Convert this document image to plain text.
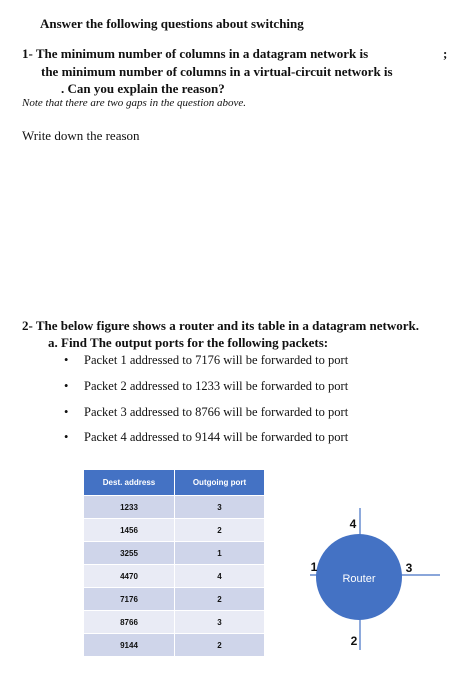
Answer the following questions about switching
1- The minimum number of columns in a datagram network is	;
the minimum number of columns in a virtual-circuit network is
. Can you explain the reason?
Note that there are two gaps in the question above.
Write down the reason
2- The below figure shows a router and its table in a datagram network.
a. Find The output ports for the following packets:
• Packet 1 addressed to 7176 will be forwarded to port
• Packet 2 addressed to 1233 will be forwarded to port
• Packet 3 addressed to 8766 will be forwarded to port
• Packet 4 addressed to 9144 will be forwarded to port
Dest. address	Outgoing port
1233	3
1456	2
3255	1
4470	4
7176	2
8766	3
9144	2
Router
1
2
3
4
